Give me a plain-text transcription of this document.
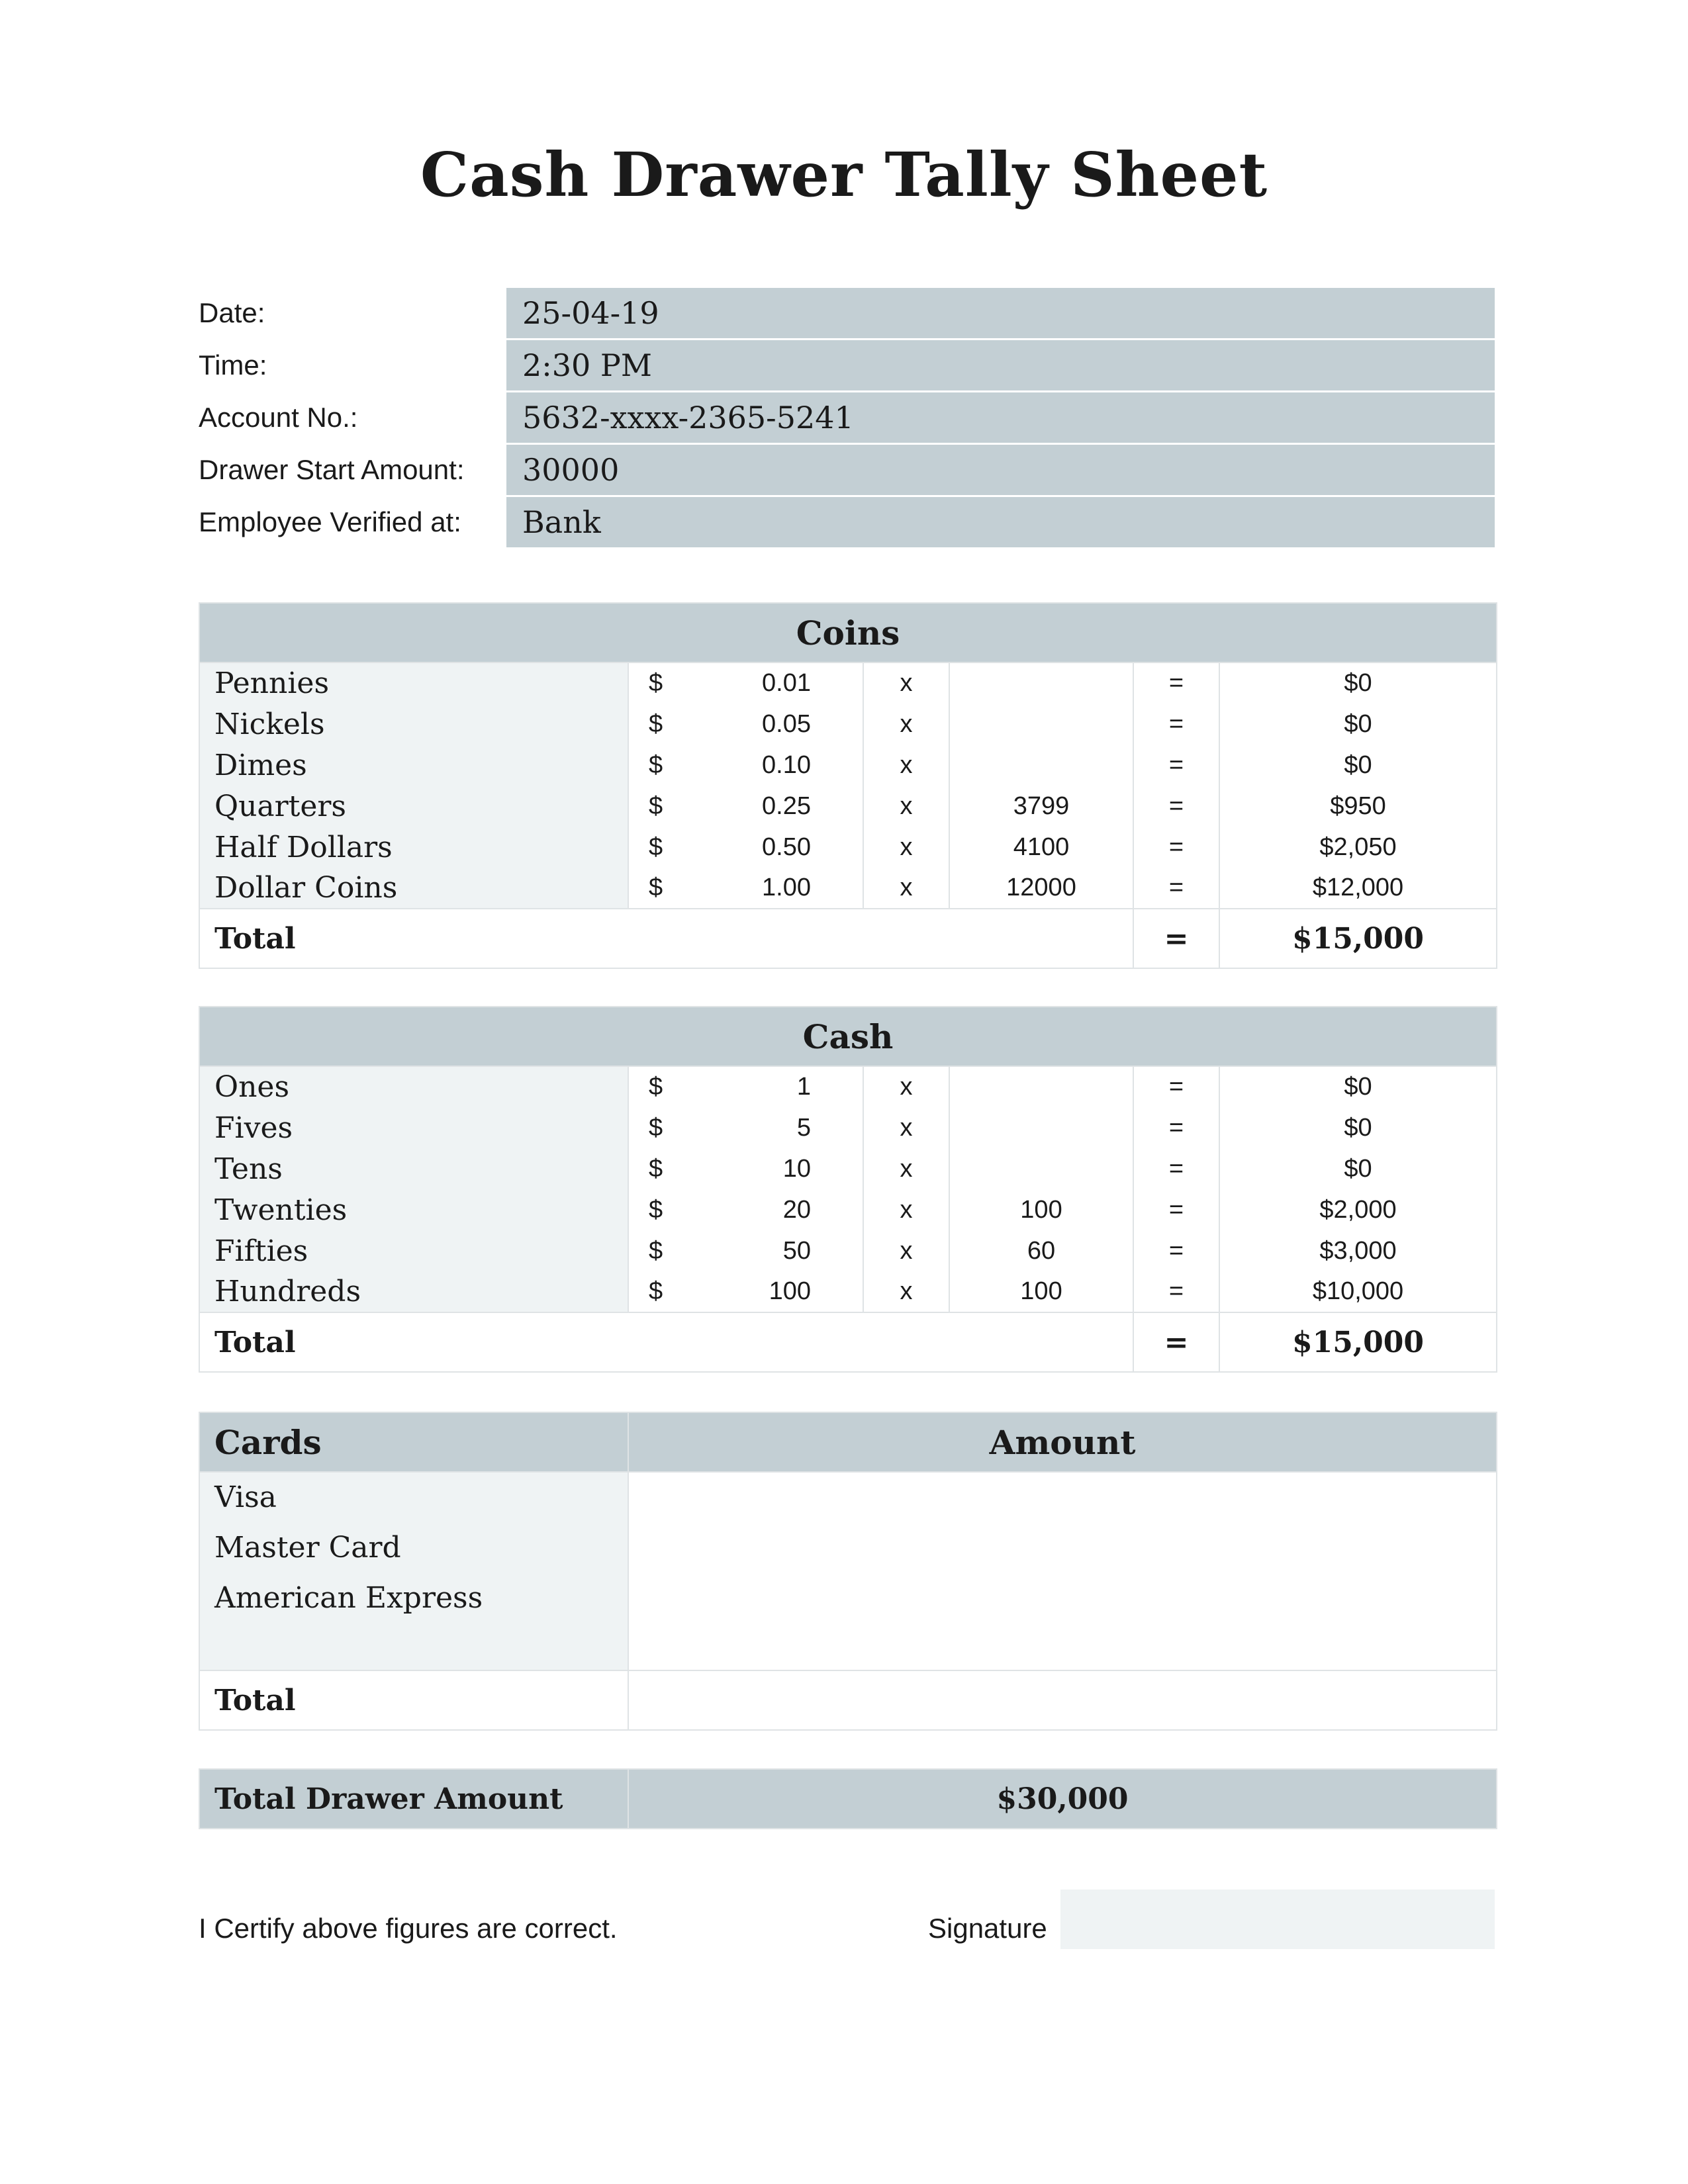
Cash Drawer Tally Sheet
Date:	25-04-19
Time:	2:30 PM
Account No.:	5632-xxxx-2365-5241
Drawer Start Amount:	30000
Employee Verified at:	Bank
Coins					
Pennies	$ 0.01	x		=	$0
Nickels	$ 0.05	x		=	$0
Dimes	$ 0.10	x		=	$0
Quarters	$ 0.25	x	3799	=	$950
Half Dollars	$ 0.50	x	4100	=	$2,050
Dollar Coins	$ 1.00	x	12000	=	$12,000
Total				=	$15,000
Cash					
Ones	$ 1	x		=	$0
Fives	$ 5	x		=	$0
Tens	$ 10	x		=	$0
Twenties	$ 20	x	100	=	$2,000
Fifties	$ 50	x	60	=	$3,000
Hundreds	$ 100	x	100	=	$10,000
Total				=	$15,000
Cards	Amount
Visa	
Master Card	
American Express	

Total	
Total Drawer Amount	$30,000
I Certify above figures are correct.	Signature
